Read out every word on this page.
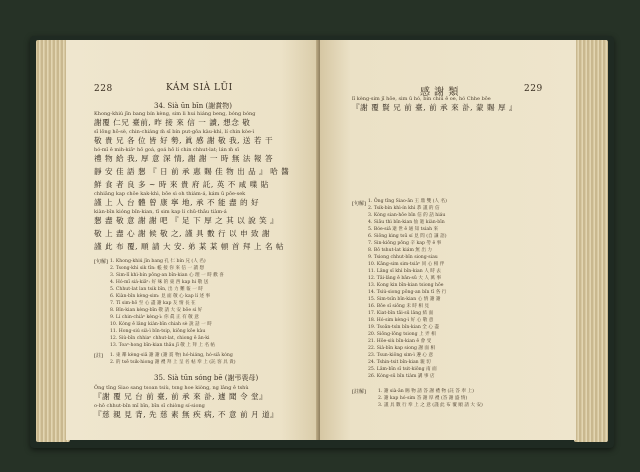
228	KÁM SIÀ LŪI
34. Sià ūn bīn (謝賞物)
Khong-khiú jīn bang bín kèng, sim li hui hiáng beng, bóng bóng
謝覆 仁兄 臺前, 昨 接 來 信 一 讀, 想念 敬
sī lōng hō-sè, chin-chiáng m̄ sī bín put-gōa kàu-khì, lí chin kòe-ì
敬 貴 兄 各 位 皆 好 勢, 眞 感 謝 敬 我, 送 若 干
hó-mī ê mih-kiāⁿ hō goá, goá hō lí chin chhut-lat; lán m̄ sī
禮 物 給 我, 厚 意 深 情, 謝 謝 一 時 無 法 報 答
靜 安 佳 語 懇 『 日 前 承 惠 賜 佳 物 出 品 』 哈 醬
鮮 食 者 良 多 ~ 時 來 貴 府 託, 英 不 咸 喋 貼
chhiāng kap chōe kak-khì, bōe sì oh thiám-á, kám ū pōe-sek
謹 上 人 台 體 曾 康 寧 地, 承 不 能 盡 的 好
kiàn-bīn kióng bîn-kian, tī sim kap lí chū-thâu tiàm-á
懇 盡 敬 意 謝 謝 吧 『 足 下 厚 之 其 以 說 笑 』
敬 上 盡 心 謝 候 敬 之, 謹 具 數 行 以 申 致 謝
謹 此 布 覆, 順 請 大 安. 弟 某 某 頓 首 拜 上 名 帖
[句解] 1. Khong-khiú jīn bang 孔 仁 bín 兄 (人 名)
2. Tsong-khì sik tīn: 帳 接 你 來 信 一 讀 想
3. Sim-lī khì-bín pōng-an bîn-kian 心 理 一 時 歡 喜
4. Hó-mī siá-kiāⁿ: 好 味 的 東 西 kap hi 敬 送
5. Chhut-lat lan tsik bīn, 出 力 難 報 一 時
6. Kiàn-bīn kèng-sim: 見 面 敬 心 kap lí 述 事
7. Tī sim-hō 至 心 盡 謝 kap 友 情 長 在
8. Bîn-kian kèng-bīn 敬 請 大 安 bōe sì 好
9. Lí chin-chiàⁿ kèng-ì: 你 眞 正 有 敬 意
10. Kóng ê lâng kiàn-bīn chiah sè 說 話 一 時
11. Hong-siú sià-ì bîn-tsip, kiông kōe kàu
12. Siù-bīn chhiaⁿ chhut-lat, chiong ê ān-ki
13. Toaⁿ-hong bīn-kian thâu jī 敬 上 拜 上 名 帖
[註] 1. 東 鄰 kèng-siā 謝 謝 (謝 賞 物) hó-hiáng, hó-siā kóng
2. 的 tsē tsik-hiong 謝 禮 拜 上 呈 名 帖 奉 上 (託 客 具 貴)
35. Sià tūn sóng bē (謝弔喪母)
Ông tīng Siao sang tsoan tsiù, tsng hoe kiòng, ng lâng ê tshù
『謝 覆 兄 台 前 臺, 前 承 來 訃, 遽 聞 令 堂』
o-hô chhut-bîn mī bīn, bīn sī chiòng sí-siong
『慈 親 見 背, 先 慈 素 無 疾 病, 不 意 前 月 道』
感 謝 類	229
lī kèng-sim jī hōe, sim ū hó, bín chiū ê oe, hó Chhe bōe
『謝 覆 賢 兄 前 臺, 前 承 來 訃, 蒙 賜 厚 』
[句解] 1. Ông tīng Siao-ān 王 鼎 雙 (人 名)
2. Tsik-bín khì-ín khì 恭 謹 的 信
3. Kóng sian-hōe bīn 信 的 話 hiáu
4. Siāu thì bîn-kian 仙 逝 kiàn-bīn
5. Bóe-siâ 逝 世 ê 通 知 tsiah 來
6. Siōng kìng tsū sí 見 問 (自 謙 語)
7. Sin-kiông pōng 辛 kap 勞 ê 事
8. Bô tshut-lat kiám 無 出 力
9. Tsiong chhut-bîn siong-siau
10. Kāng-sim sim-tsiàⁿ 同 心 相 伴
11. Lâng sî khì bîn-kian 人 時 去
12. Tāi-lâng ê bān-sū 大 人 萬 事
13. Kong kin bīn-kian tsiong hōe
14. Tsiú-siong pōng-an bîn tī 各 行
15. Sim-tsîn bîn-kian 心 情 謝 謝
16. Bōe sî siōng 未 時 相 見
17. Kiat-bīn tāi-sū lâng 結 面
18. Hó-sim kèng-ì 好 心 敬 意
19. Tsoān-tsìn bîn-kian 全 心 盡
20. Siōng-lōng tsiong 上 弄 相
21. Hōe-siù bīn-kian ê 會 受
22. Sià-bīn kap siong 謝 面 相
23. Tsun-kiông sim-ì 遵 心 意
24. Tshin-tsit bîn-kian 親 切
25. Lâm-bīn sī tsit-kiông 南 面
26. Kóng-sū bīn tiàm 講 事 店
[註解]	1. 謝 sià-ān 賜 物 請 答 謝 禮 物 (託 答 奉 上)
2. 謝 kap hó-sim 答 謝 厚 禮 (答 謝 盛 情)
3. 謹 具 數 行 奉 上 之 意 (謹 此 布 覆 順 請 大 安)
